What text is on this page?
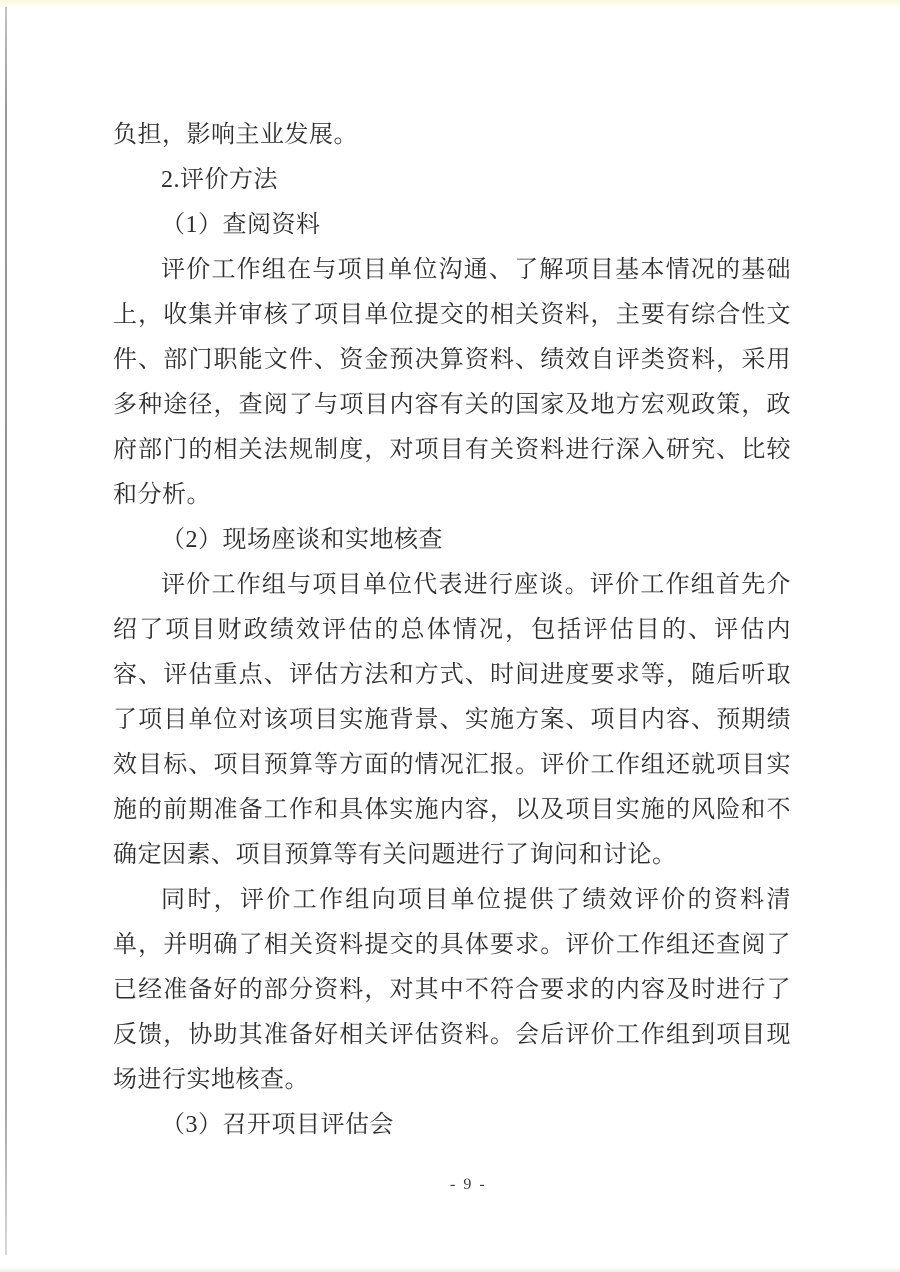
负担，影响主业发展。

2.评价方法

（1）查阅资料

评价工作组在与项目单位沟通、了解项目基本情况的基础上，收集并审核了项目单位提交的相关资料，主要有综合性文件、部门职能文件、资金预决算资料、绩效自评类资料，采用多种途径，查阅了与项目内容有关的国家及地方宏观政策，政府部门的相关法规制度，对项目有关资料进行深入研究、比较和分析。

（2）现场座谈和实地核查

评价工作组与项目单位代表进行座谈。评价工作组首先介绍了项目财政绩效评估的总体情况，包括评估目的、评估内容、评估重点、评估方法和方式、时间进度要求等，随后听取了项目单位对该项目实施背景、实施方案、项目内容、预期绩效目标、项目预算等方面的情况汇报。评价工作组还就项目实施的前期准备工作和具体实施内容，以及项目实施的风险和不确定因素、项目预算等有关问题进行了询问和讨论。

同时，评价工作组向项目单位提供了绩效评价的资料清单，并明确了相关资料提交的具体要求。评价工作组还查阅了已经准备好的部分资料，对其中不符合要求的内容及时进行了反馈，协助其准备好相关评估资料。会后评价工作组到项目现场进行实地核查。

（3）召开项目评估会

- 9 -
